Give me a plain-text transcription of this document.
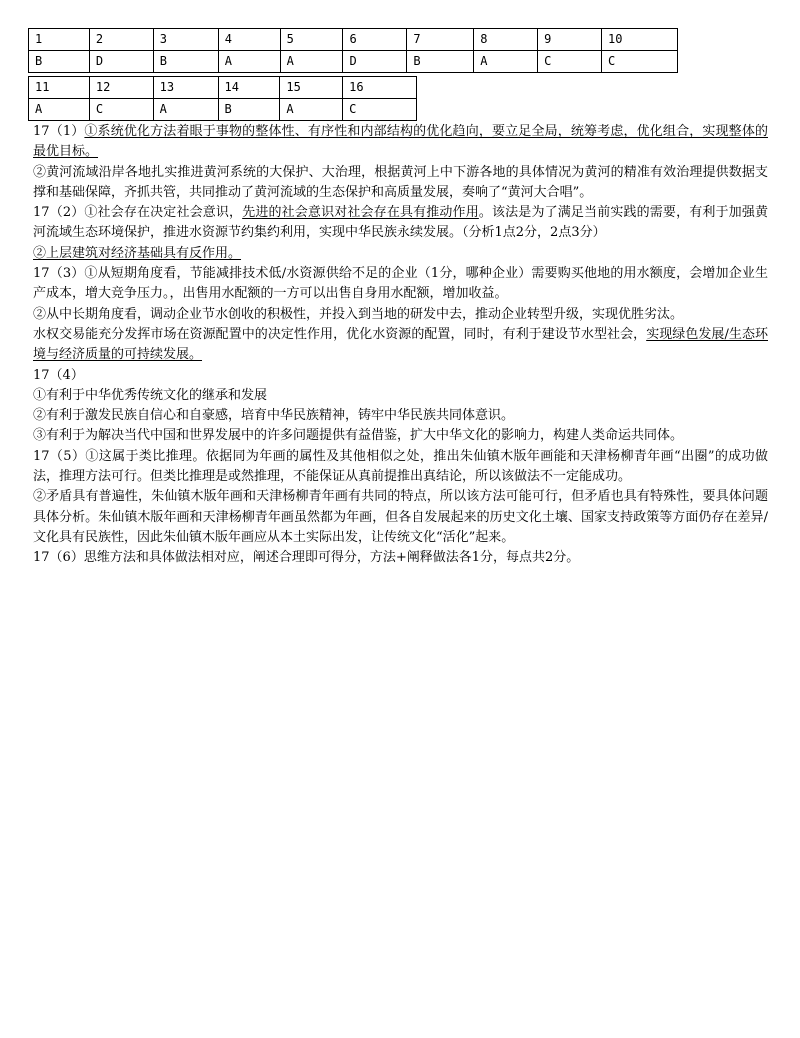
1	2	3	4	5	6	7	8	9	10
B	D	B	A	A	D	B	A	C	C
11	12	13	14	15	16
A	C	A	B	A	C

17（1）①系统优化方法着眼于事物的整体性、有序性和内部结构的优化趋向，要立足全局，统筹考虑，优化组合，实现整体的最优目标。

②黄河流域沿岸各地扎实推进黄河系统的大保护、大治理，根据黄河上中下游各地的具体情况为黄河的精准有效治理提供数据支撑和基础保障，齐抓共管，共同推动了黄河流域的生态保护和高质量发展，奏响了“黄河大合唱”。

17（2）①社会存在决定社会意识，先进的社会意识对社会存在具有推动作用。该法是为了满足当前实践的需要，有利于加强黄河流域生态环境保护，推进水资源节约集约利用，实现中华民族永续发展。（分析1点2分，2点3分）

②上层建筑对经济基础具有反作用。

17（3）①从短期角度看，节能减排技术低/水资源供给不足的企业（1分，哪种企业）需要购买他地的用水额度，会增加企业生产成本，增大竞争压力。，出售用水配额的一方可以出售自身用水配额，增加收益。

②从中长期角度看，调动企业节水创收的积极性，并投入到当地的研发中去，推动企业转型升级，实现优胜劣汰。

水权交易能充分发挥市场在资源配置中的决定性作用，优化水资源的配置，同时，有利于建设节水型社会，实现绿色发展/生态环境与经济质量的可持续发展。

17（4）

①有利于中华优秀传统文化的继承和发展

②有利于激发民族自信心和自豪感，培育中华民族精神，铸牢中华民族共同体意识。

③有利于为解决当代中国和世界发展中的许多问题提供有益借鉴，扩大中华文化的影响力，构建人类命运共同体。

17（5）①这属于类比推理。依据同为年画的属性及其他相似之处，推出朱仙镇木版年画能和天津杨柳青年画“出圈”的成功做法，推理方法可行。但类比推理是或然推理，不能保证从真前提推出真结论，所以该做法不一定能成功。

②矛盾具有普遍性，朱仙镇木版年画和天津杨柳青年画有共同的特点，所以该方法可能可行，但矛盾也具有特殊性，要具体问题具体分析。朱仙镇木版年画和天津杨柳青年画虽然都为年画，但各自发展起来的历史文化土壤、国家支持政策等方面仍存在差异/文化具有民族性，因此朱仙镇木版年画应从本土实际出发，让传统文化“活化”起来。

17（6）思维方法和具体做法相对应，阐述合理即可得分，方法+阐释做法各1分，每点共2分。
